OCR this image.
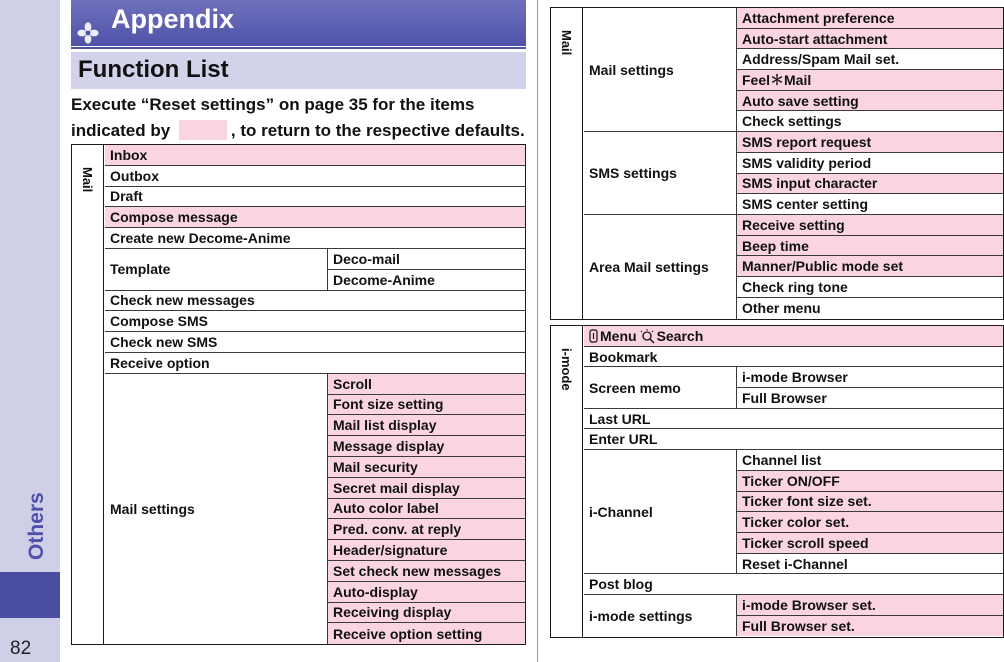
Others
82
Appendix
Function List
Execute “Reset settings” on page 35 for the items indicated by	, to return to the respective defaults.
Mail
Inbox
Outbox
Draft
Compose message
Create new Decome-Anime
Template
Deco-mail
Decome-Anime
Check new messages
Compose SMS
Check new SMS
Receive option
Mail settings
Scroll
Font size setting
Mail list display
Message display
Mail security
Secret mail display
Auto color label
Pred. conv. at reply
Header/signature
Set check new messages
Auto-display
Receiving display
Receive option setting
Mail
Mail settings
Attachment preference
Auto-start attachment
Address/Spam Mail set.
Feel＊Mail
Auto save setting
Check settings
SMS settings
SMS report request
SMS validity period
SMS input character
SMS center setting
Area Mail settings
Receive setting
Beep time
Manner/Public mode set
Check ring tone
Other menu
i-mode
Menu Search
Bookmark
Screen memo
i-mode Browser
Full Browser
Last URL
Enter URL
i-Channel
Channel list
Ticker ON/OFF
Ticker font size set.
Ticker color set.
Ticker scroll speed
Reset i-Channel
Post blog
i-mode settings
i-mode Browser set.
Full Browser set.
